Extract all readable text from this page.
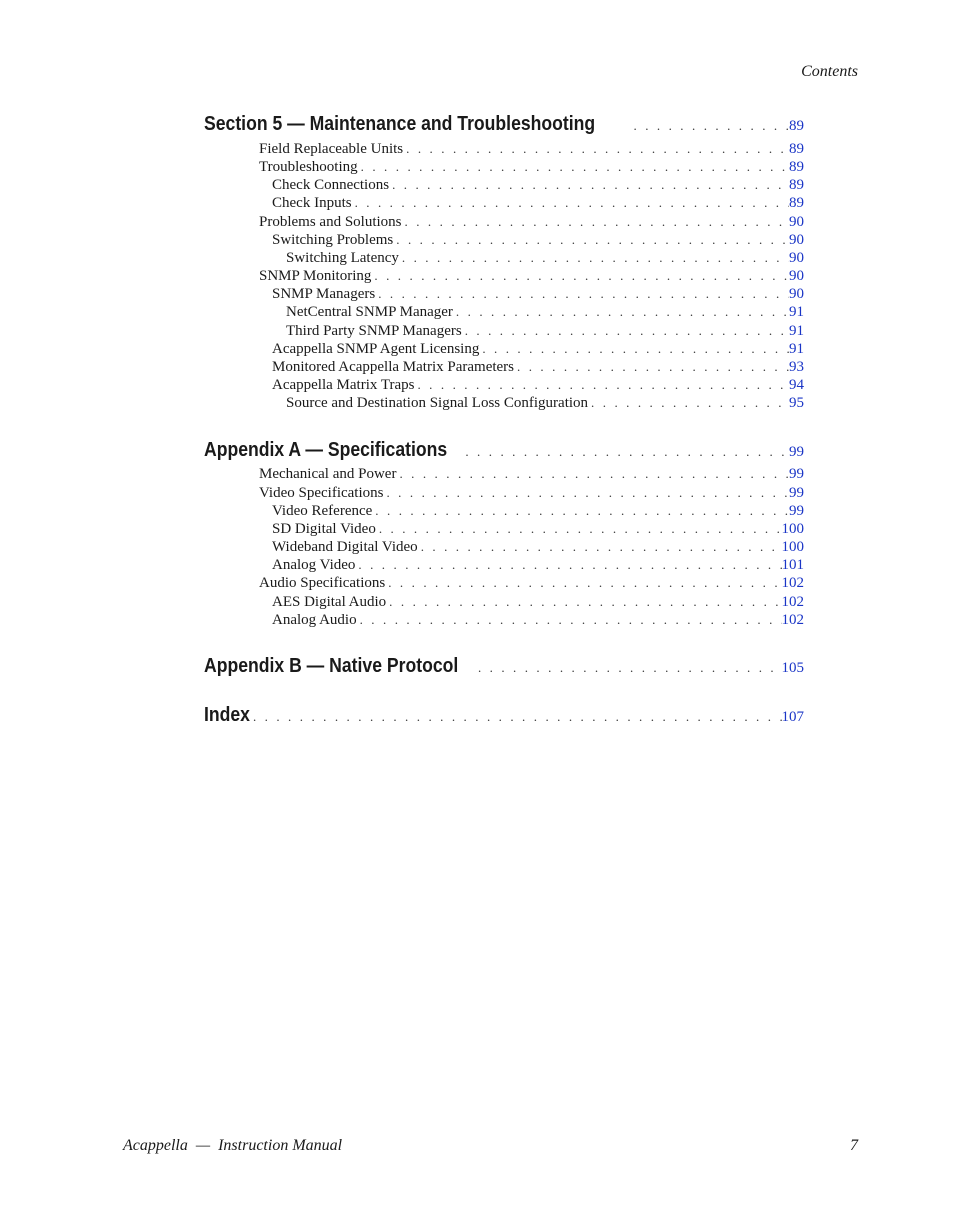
Contents
Section 5 — Maintenance and Troubleshooting . . .	89
Field Replaceable Units . . .	89
Troubleshooting . . .	89
Check Connections . . .	89
Check Inputs . . .	89
Problems and Solutions . . .	90
Switching Problems . . .	90
Switching Latency . . .	90
SNMP Monitoring . . .	90
SNMP Managers . . .	90
NetCentral SNMP Manager . . .	91
Third Party SNMP Managers . . .	91
Acappella SNMP Agent Licensing . . .	91
Monitored Acappella Matrix Parameters . . .	93
Acappella Matrix Traps . . .	94
Source and Destination Signal Loss Configuration . . .	95
Appendix A — Specifications . . .	99
Mechanical and Power . . .	99
Video Specifications . . .	99
Video Reference . . .	99
SD Digital Video . . .	100
Wideband Digital Video . . .	100
Analog Video . . .	101
Audio Specifications . . .	102
AES Digital Audio . . .	102
Analog Audio . . .	102
Appendix B — Native Protocol . . .	105
Index . . .	107
Acappella  —  Instruction Manual	7
